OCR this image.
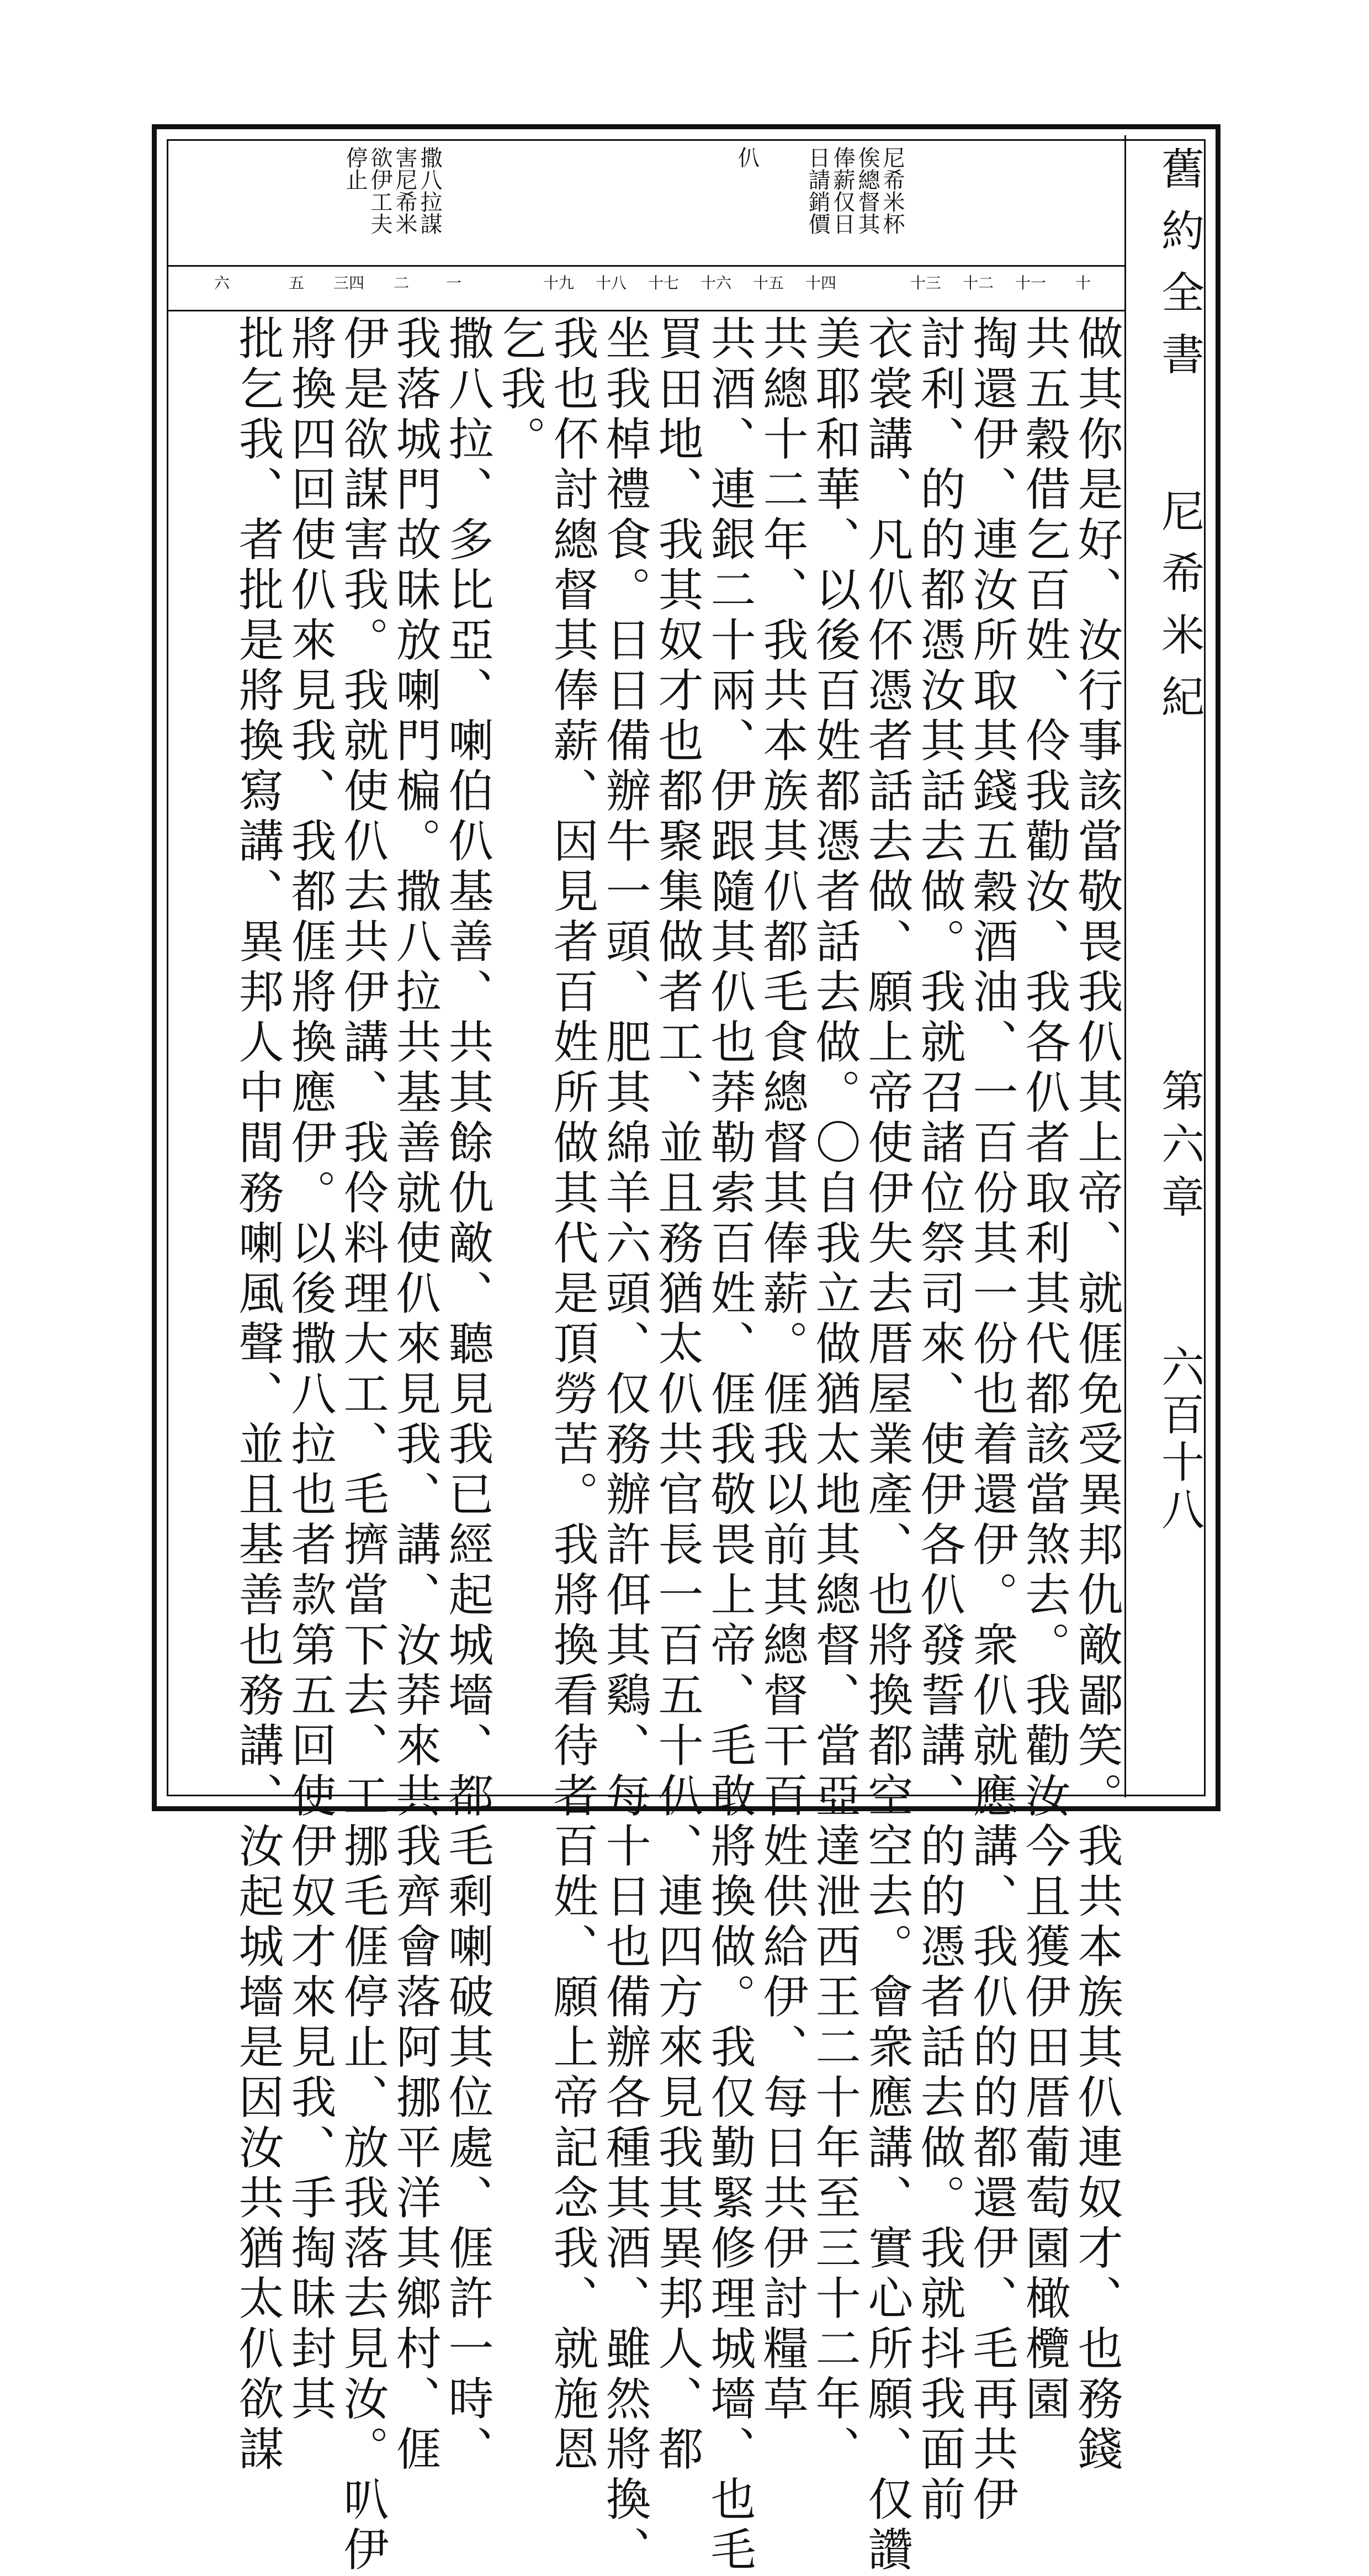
舊約全書
第六章
六百十八
尼希米紀
尼希米杯
俟總督其
俸薪仅日
日請銷價
仈
撒八拉謀
害尼希米
欲伊工夫
停止
十
十一
十二
十三
十四
十五
十六
十七
十八
十九
一
二
三四
五
六
做其你是好、汝行事該當敬畏我仈其上帝、就𠊎免受異邦仇敵鄙笑。我共本族其仈連奴才、也務錢
共五穀借乞百姓、伶我勸汝、我各仈者取利其代都該當煞去。我勸汝今且獲伊田厝葡萄園橄欖園
掏還伊、連汝所取其錢五穀酒油、一百份其一份也着還伊。衆仈就應講、我仈的的都還伊、毛再共伊
討利、的的都憑汝其話去做。我就召諸位祭司來、使伊各仈發誓講、的的憑者話去做。我就抖我面前
衣裳講、凡仈伓憑者話去做、願上帝使伊失去厝屋業產、也將換都空空去。會衆應講、實心所願、仅讚
美耶和華、以後百姓都憑者話去做。〇自我立做猶太地其總督、當亞達泄西王二十年至三十二年、
共總十二年、我共本族其仈都毛食總督其俸薪。𠊎我以前其總督干百姓供給伊、每日共伊討糧草
共酒、連銀二十兩、伊跟隨其仈也莽勒索百姓、𠊎我敬畏上帝、毛敢將換做。我仅勤緊修理城墻、也毛
買田地、我其奴才也都聚集做者工、並且務猶太仈共官長一百五十仈、連四方來見我其異邦人、都
坐我棹禮食。日日備辦牛一頭、肥其綿羊六頭、仅務辦許佴其鷄、每十日也備辦各種其酒、雖然將換、
我也伓討總督其俸薪、因見者百姓所做其代是頂勞苦。我將換看待者百姓、願上帝記念我、就施恩
乞我。
撒八拉、多比亞、喇伯仈基善、共其餘仇敵、聽見我已經起城墻、都毛剩喇破其位處、𠊎許一時、
我落城門故昧放喇門楄。撒八拉共基善就使仈來見我、講、汝莽來共我齊會落阿挪平洋其鄉村、𠊎
伊是欲謀害我。我就使仈去共伊講、我伶料理大工、毛擠當下去、工挪毛𠊎停止、放我落去見汝。叭伊
將換四回使仈來見我、我都𠊎將換應伊。以後撒八拉也者款第五回使伊奴才來見我、手掏昧封其
批乞我、者批是將換寫講、異邦人中間務喇風聲、並且基善也務講、汝起城墻是因汝共猶太仈欲謀
